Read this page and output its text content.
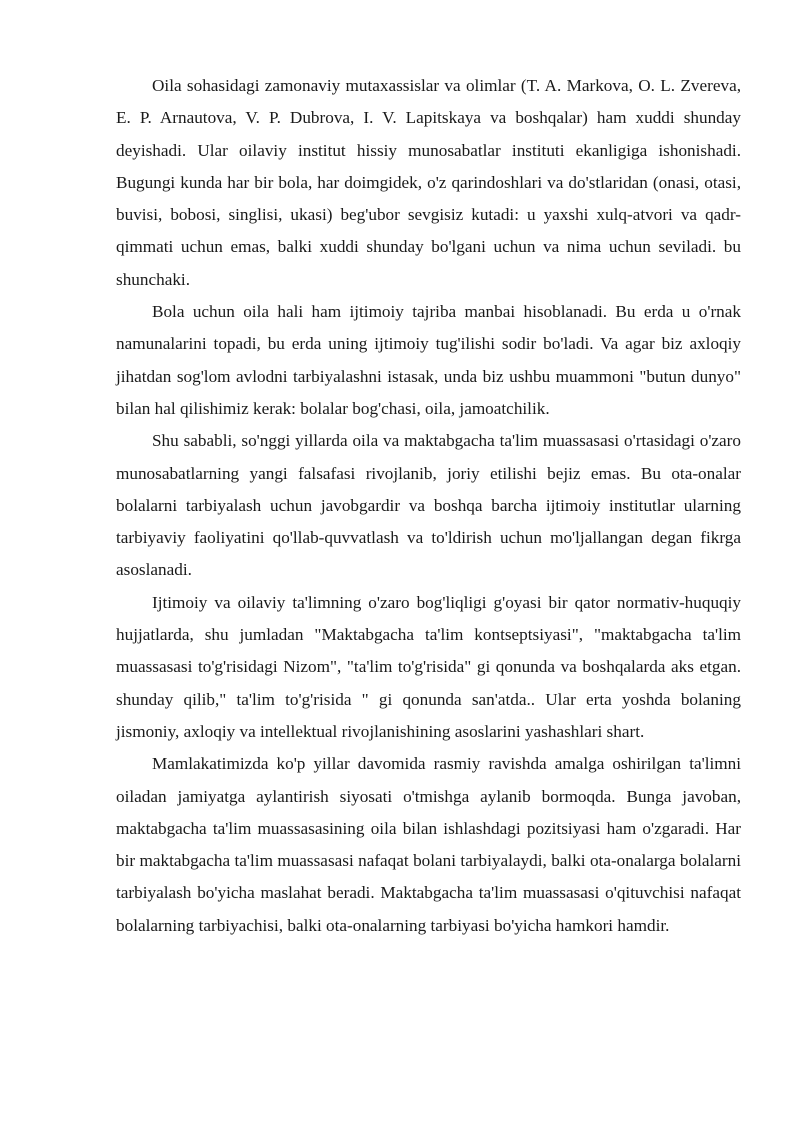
Oila sohasidagi zamonaviy mutaxassislar va olimlar (T. A. Markova, O. L. Zvereva, E. P. Arnautova, V. P. Dubrova, I. V. Lapitskaya va boshqalar) ham xuddi shunday deyishadi. Ular oilaviy institut hissiy munosabatlar instituti ekanligiga ishonishadi. Bugungi kunda har bir bola, har doimgidek, o'z qarindoshlari va do'stlaridan (onasi, otasi, buvisi, bobosi, singlisi, ukasi) beg'ubor sevgisiz kutadi: u yaxshi xulq-atvori va qadr-qimmati uchun emas, balki xuddi shunday bo'lgani uchun va nima uchun seviladi. bu shunchaki.

Bola uchun oila hali ham ijtimoiy tajriba manbai hisoblanadi. Bu erda u o'rnak namunalarini topadi, bu erda uning ijtimoiy tug'ilishi sodir bo'ladi. Va agar biz axloqiy jihatdan sog'lom avlodni tarbiyalashni istasak, unda biz ushbu muammoni "butun dunyo" bilan hal qilishimiz kerak: bolalar bog'chasi, oila, jamoatchilik.

Shu sababli, so'nggi yillarda oila va maktabgacha ta'lim muassasasi o'rtasidagi o'zaro munosabatlarning yangi falsafasi rivojlanib, joriy etilishi bejiz emas. Bu ota-onalar bolalarni tarbiyalash uchun javobgardir va boshqa barcha ijtimoiy institutlar ularning tarbiyaviy faoliyatini qo'llab-quvvatlash va to'ldirish uchun mo'ljallangan degan fikrga asoslanadi.

Ijtimoiy va oilaviy ta'limning o'zaro bog'liqligi g'oyasi bir qator normativ-huquqiy hujjatlarda, shu jumladan "Maktabgacha ta'lim kontseptsiyasi", "maktabgacha ta'lim muassasasi to'g'risidagi Nizom", "ta'lim to'g'risida" gi qonunda va boshqalarda aks etgan. shunday qilib," ta'lim to'g'risida " gi qonunda san'atda.. Ular erta yoshda bolaning jismoniy, axloqiy va intellektual rivojlanishining asoslarini yashashlari shart.

Mamlakatimizda ko'p yillar davomida rasmiy ravishda amalga oshirilgan ta'limni oiladan jamiyatga aylantirish siyosati o'tmishga aylanib bormoqda. Bunga javoban, maktabgacha ta'lim muassasasining oila bilan ishlashdagi pozitsiyasi ham o'zgaradi. Har bir maktabgacha ta'lim muassasasi nafaqat bolani tarbiyalaydi, balki ota-onalarga bolalarni tarbiyalash bo'yicha maslahat beradi. Maktabgacha ta'lim muassasasi o'qituvchisi nafaqat bolalarning tarbiyachisi, balki ota-onalarning tarbiyasi bo'yicha hamkori hamdir.
